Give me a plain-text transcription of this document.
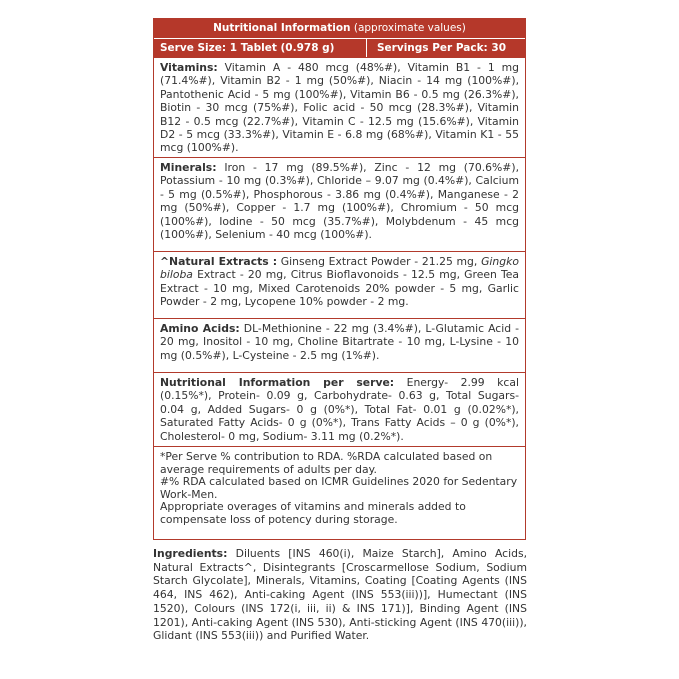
Nutritional Information (approximate values)
Serve Size: 1 Tablet (0.978 g)	Servings Per Pack: 30
Vitamins: Vitamin A - 480 mcg (48%#), Vitamin B1 - 1 mg (71.4%#), Vitamin B2 - 1 mg (50%#), Niacin - 14 mg (100%#), Pantothenic Acid - 5 mg (100%#), Vitamin B6 - 0.5 mg (26.3%#), Biotin - 30 mcg (75%#), Folic acid - 50 mcg (28.3%#), Vitamin B12 - 0.5 mcg (22.7%#), Vitamin C - 12.5 mg (15.6%#), Vitamin D2 - 5 mcg (33.3%#), Vitamin E - 6.8 mg (68%#), Vitamin K1 - 55 mcg (100%#).
Minerals: Iron - 17 mg (89.5%#), Zinc - 12 mg (70.6%#), Potassium - 10 mg (0.3%#), Chloride – 9.07 mg (0.4%#), Calcium - 5 mg (0.5%#), Phosphorous - 3.86 mg (0.4%#), Manganese - 2 mg (50%#), Copper - 1.7 mg (100%#), Chromium - 50 mcg (100%#), Iodine - 50 mcg (35.7%#), Molybdenum - 45 mcg (100%#), Selenium - 40 mcg (100%#).
^Natural Extracts : Ginseng Extract Powder - 21.25 mg, Gingko biloba Extract - 20 mg, Citrus Bioflavonoids - 12.5 mg, Green Tea Extract - 10 mg, Mixed Carotenoids 20% powder - 5 mg, Garlic Powder - 2 mg, Lycopene 10% powder - 2 mg.
Amino Acids: DL-Methionine - 22 mg (3.4%#), L-Glutamic Acid - 20 mg, Inositol - 10 mg, Choline Bitartrate - 10 mg, L-Lysine - 10 mg (0.5%#), L-Cysteine - 2.5 mg (1%#).
Nutritional Information per serve: Energy- 2.99 kcal (0.15%*), Protein- 0.09 g, Carbohydrate- 0.63 g, Total Sugars- 0.04 g, Added Sugars- 0 g (0%*), Total Fat- 0.01 g (0.02%*), Saturated Fatty Acids- 0 g (0%*), Trans Fatty Acids – 0 g (0%*), Cholesterol- 0 mg, Sodium- 3.11 mg (0.2%*).
*Per Serve % contribution to RDA. %RDA calculated based on average requirements of adults per day.
#% RDA calculated based on ICMR Guidelines 2020 for Sedentary Work-Men.
Appropriate overages of vitamins and minerals added to compensate loss of potency during storage.
Ingredients: Diluents [INS 460(i), Maize Starch], Amino Acids, Natural Extracts^, Disintegrants [Croscarmellose Sodium, Sodium Starch Glycolate], Minerals, Vitamins, Coating [Coating Agents (INS 464, INS 462), Anti-caking Agent (INS 553(iii))], Humectant (INS 1520), Colours (INS 172(i, iii, ii) & INS 171)], Binding Agent (INS 1201), Anti-caking Agent (INS 530), Anti-sticking Agent (INS 470(iii)), Glidant (INS 553(iii)) and Purified Water.
